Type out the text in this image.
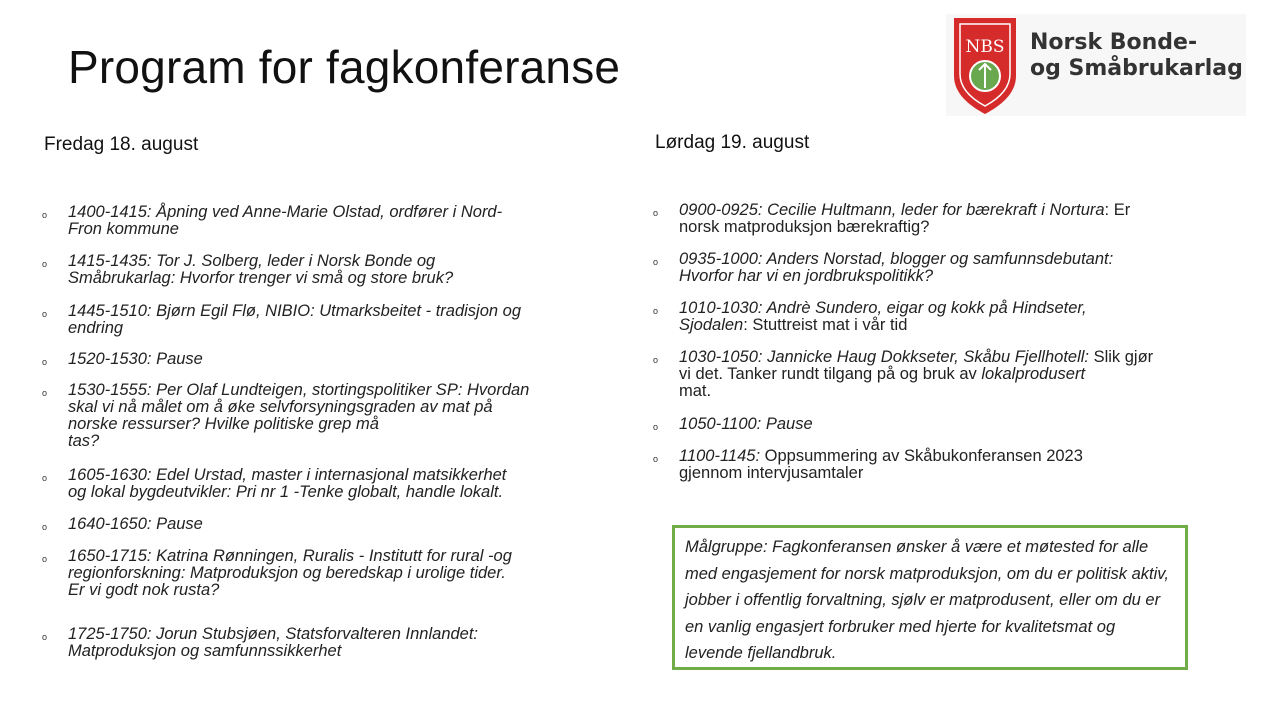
Program for fagkonferanse	NBS Norsk Bonde-
og Småbrukarlag
Fredag 18. august
o 1400-1415: Åpning ved Anne-Marie Olstad, ordfører i Nord-
Fron kommune
o 1415-1435: Tor J. Solberg, leder i Norsk Bonde og
Småbrukarlag: Hvorfor trenger vi små og store bruk?
o 1445-1510: Bjørn Egil Flø, NIBIO: Utmarksbeitet - tradisjon og
endring
o 1520-1530: Pause
o 1530-1555: Per Olaf Lundteigen, stortingspolitiker SP: Hvordan
skal vi nå målet om å øke selvforsyningsgraden av mat på
norske ressurser? Hvilke politiske grep må
tas?
o 1605-1630: Edel Urstad, master i internasjonal matsikkerhet
og lokal bygdeutvikler: Pri nr 1 -Tenke globalt, handle lokalt.
o 1640-1650: Pause
o 1650-1715: Katrina Rønningen, Ruralis - Institutt for rural -og
regionforskning: Matproduksjon og beredskap i urolige tider.
Er vi godt nok rusta?
o 1725-1750: Jorun Stubsjøen, Statsforvalteren Innlandet:
Matproduksjon og samfunnssikkerhet
Lørdag 19. august
o 0900-0925: Cecilie Hultmann, leder for bærekraft i Nortura: Er
norsk matproduksjon bærekraftig?
o 0935-1000: Anders Norstad, blogger og samfunnsdebutant:
Hvorfor har vi en jordbrukspolitikk?
o 1010-1030: Andrè Sundero, eigar og kokk på Hindseter,
Sjodalen: Stuttreist mat i vår tid
o 1030-1050: Jannicke Haug Dokkseter, Skåbu Fjellhotell: Slik gjør
vi det. Tanker rundt tilgang på og bruk av lokalprodusert
mat.
o 1050-1100: Pause
o 1100-1145: Oppsummering av Skåbukonferansen 2023
gjennom intervjusamtaler
Målgruppe: Fagkonferansen ønsker å være et møtested for alle med engasjement for norsk matproduksjon, om du er politisk aktiv, jobber i offentlig forvaltning, sjølv er matprodusent, eller om du er en vanlig engasjert forbruker med hjerte for kvalitetsmat og levende fjellandbruk.
